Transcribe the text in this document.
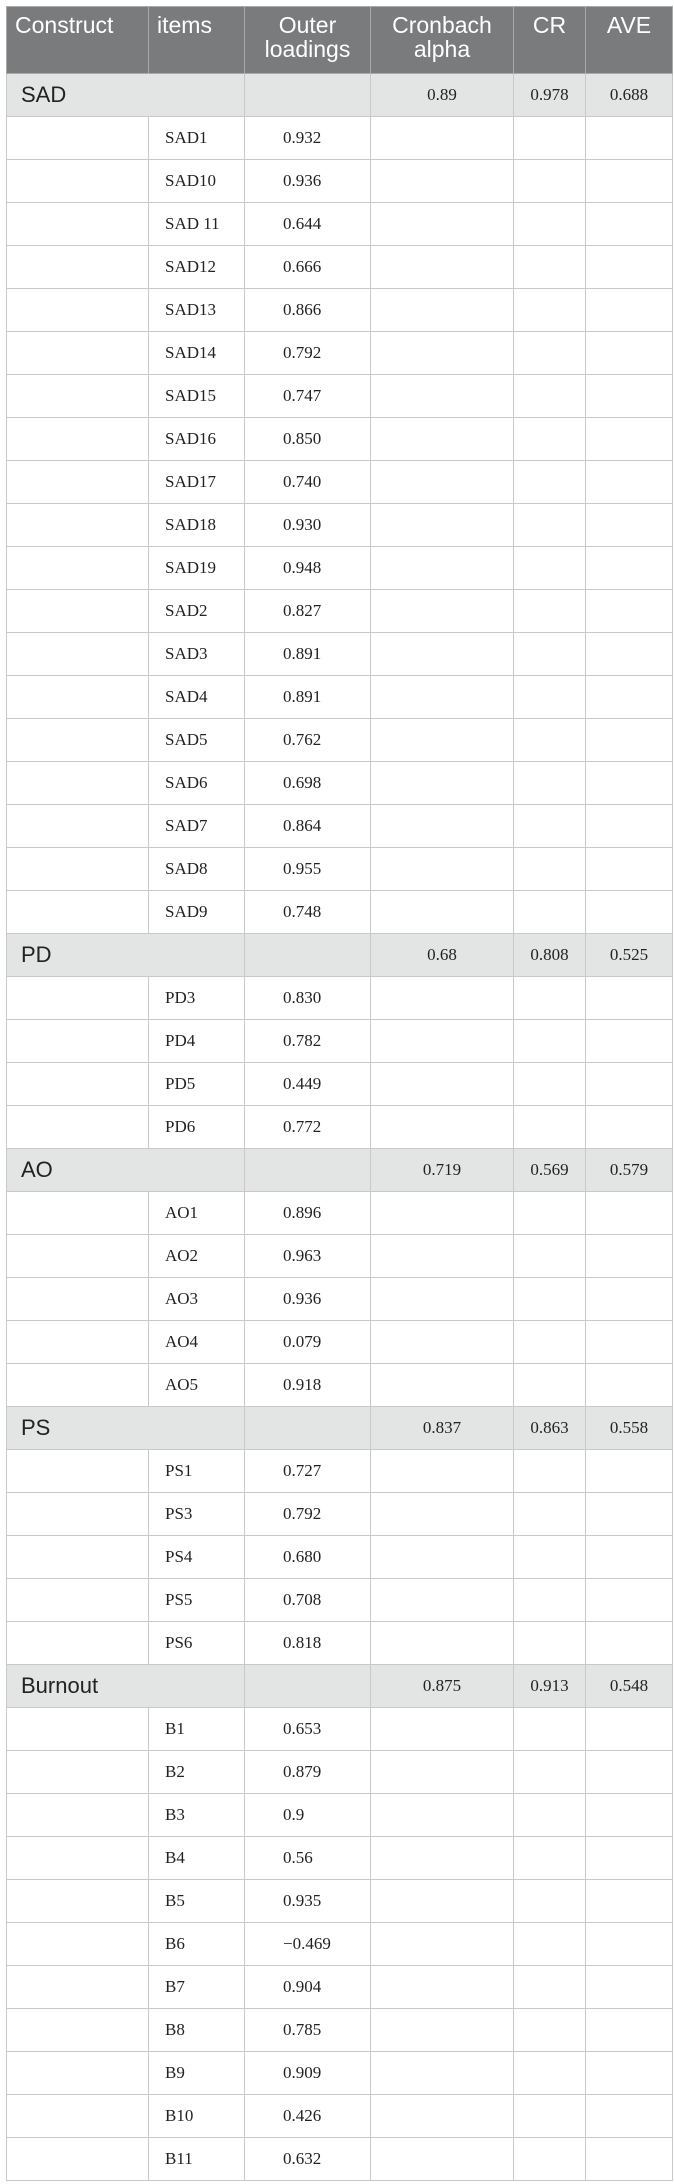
Construct	items	Outer loadings	Cronbach alpha	CR	AVE
SAD			0.89	0.978	0.688
	SAD1	0.932			
	SAD10	0.936			
	SAD 11	0.644			
	SAD12	0.666			
	SAD13	0.866			
	SAD14	0.792			
	SAD15	0.747			
	SAD16	0.850			
	SAD17	0.740			
	SAD18	0.930			
	SAD19	0.948			
	SAD2	0.827			
	SAD3	0.891			
	SAD4	0.891			
	SAD5	0.762			
	SAD6	0.698			
	SAD7	0.864			
	SAD8	0.955			
	SAD9	0.748			
PD			0.68	0.808	0.525
	PD3	0.830			
	PD4	0.782			
	PD5	0.449			
	PD6	0.772			
AO			0.719	0.569	0.579
	AO1	0.896			
	AO2	0.963			
	AO3	0.936			
	AO4	0.079			
	AO5	0.918			
PS			0.837	0.863	0.558
	PS1	0.727			
	PS3	0.792			
	PS4	0.680			
	PS5	0.708			
	PS6	0.818			
Burnout			0.875	0.913	0.548
	B1	0.653			
	B2	0.879			
	B3	0.9			
	B4	0.56			
	B5	0.935			
	B6	−0.469			
	B7	0.904			
	B8	0.785			
	B9	0.909			
	B10	0.426			
	B11	0.632			
